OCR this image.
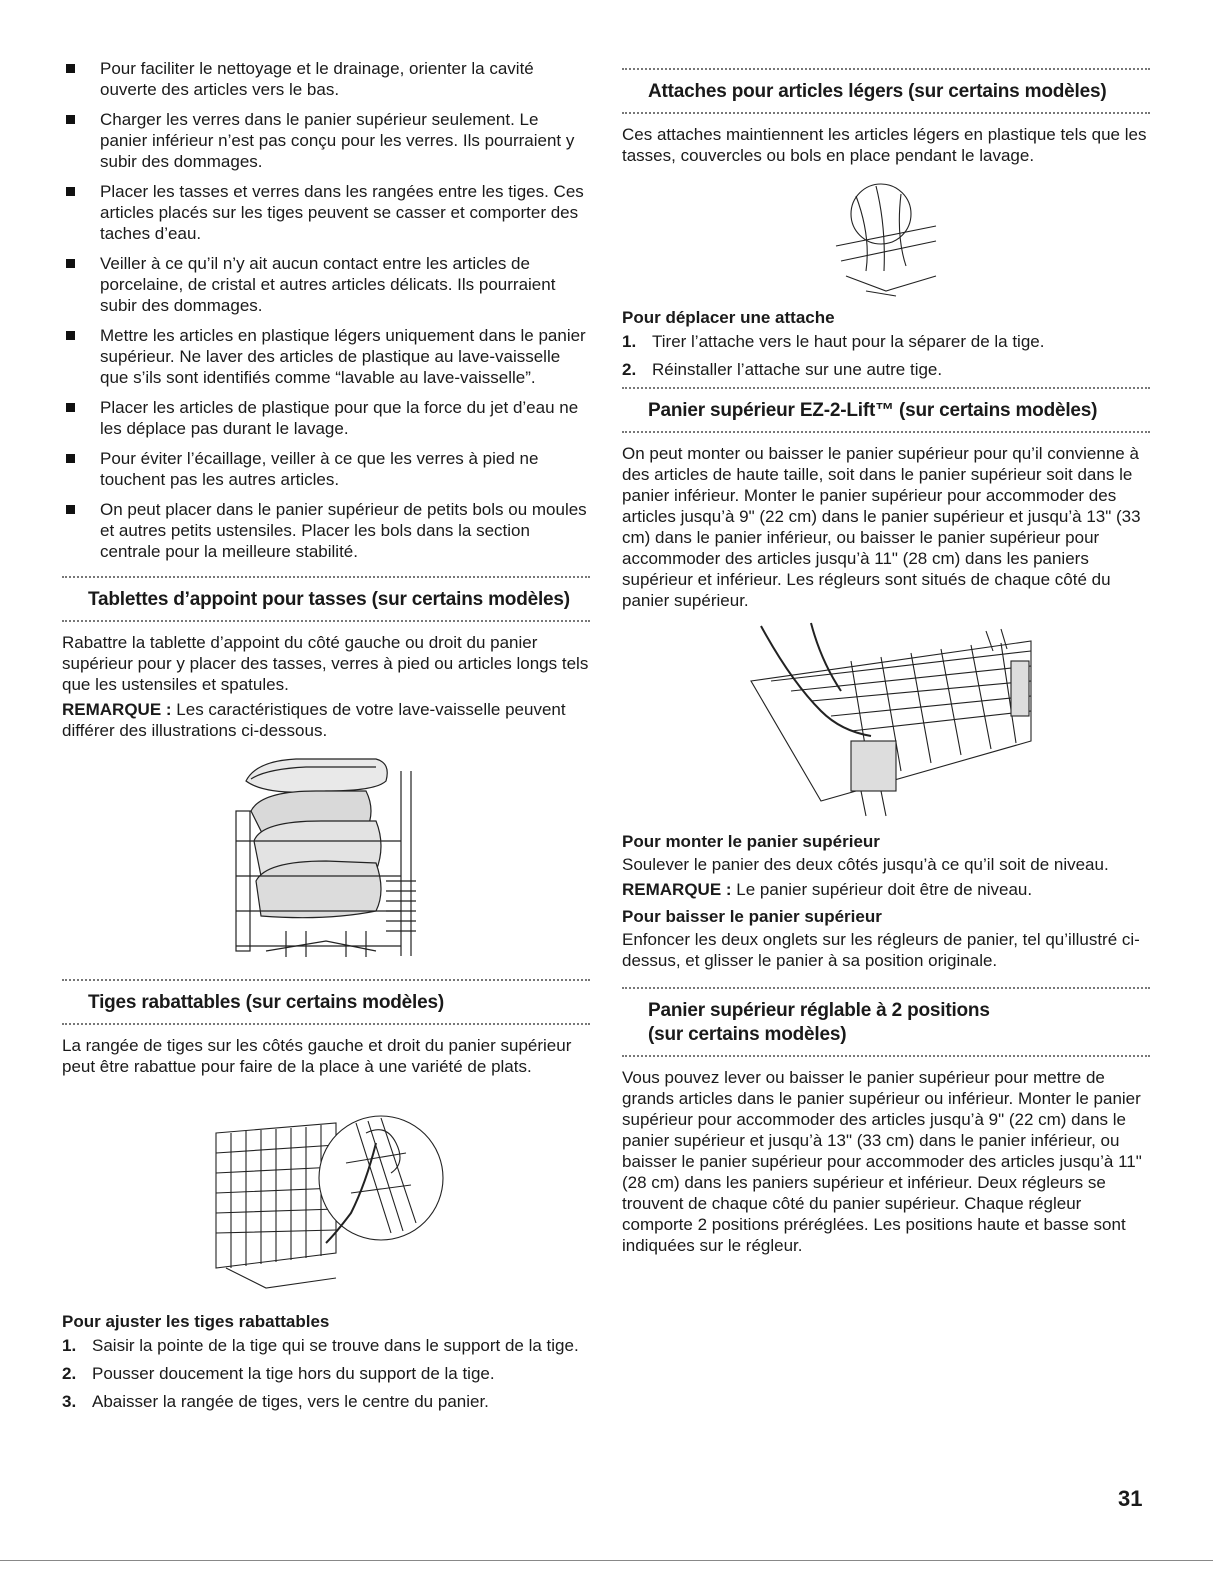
Pour faciliter le nettoyage et le drainage, orienter la cavité ouverte des articles vers le bas.
Charger les verres dans le panier supérieur seulement. Le panier inférieur n’est pas conçu pour les verres. Ils pourraient y subir des dommages.
Placer les tasses et verres dans les rangées entre les tiges. Ces articles placés sur les tiges peuvent se casser et comporter des taches d’eau.
Veiller à ce qu’il n’y ait aucun contact entre les articles de porcelaine, de cristal et autres articles délicats. Ils pourraient subir des dommages.
Mettre les articles en plastique légers uniquement dans le panier supérieur. Ne laver des articles de plastique au lave-vaisselle que s’ils sont identifiés comme “lavable au lave-vaisselle”.
Placer les articles de plastique pour que la force du jet d’eau ne les déplace pas durant le lavage.
Pour éviter l’écaillage, veiller à ce que les verres à pied ne touchent pas les autres articles.
On peut placer dans le panier supérieur de petits bols ou moules et autres petits ustensiles. Placer les bols dans la section centrale pour la meilleure stabilité.
Tablettes d’appoint pour tasses (sur certains modèles)

Rabattre la tablette d’appoint du côté gauche ou droit du panier supérieur pour y placer des tasses, verres à pied ou articles longs tels que les ustensiles et spatules.

REMARQUE : Les caractéristiques de votre lave-vaisselle peuvent différer des illustrations ci-dessous.

Tiges rabattables (sur certains modèles)

La rangée de tiges sur les côtés gauche et droit du panier supérieur peut être rabattue pour faire de la place à une variété de plats.

Pour ajuster les tiges rabattables

1. Saisir la pointe de la tige qui se trouve dans le support de la tige.
2. Pousser doucement la tige hors du support de la tige.
3. Abaisser la rangée de tiges, vers le centre du panier.
Attaches pour articles légers (sur certains modèles)

Ces attaches maintiennent les articles légers en plastique tels que les tasses, couvercles ou bols en place pendant le lavage.

Pour déplacer une attache

1. Tirer l’attache vers le haut pour la séparer de la tige.
2. Réinstaller l’attache sur une autre tige.
Panier supérieur EZ-2-Lift™ (sur certains modèles)

On peut monter ou baisser le panier supérieur pour qu’il convienne à des articles de haute taille, soit dans le panier supérieur soit dans le panier inférieur. Monter le panier supérieur pour accommoder des articles jusqu’à 9" (22 cm) dans le panier supérieur et jusqu’à 13" (33 cm) dans le panier inférieur, ou baisser le panier supérieur pour accommoder des articles jusqu’à 11" (28 cm) dans les paniers supérieur et inférieur. Les régleurs sont situés de chaque côté du panier supérieur.

Pour monter le panier supérieur

Soulever le panier des deux côtés jusqu’à ce qu’il soit de niveau.

REMARQUE : Le panier supérieur doit être de niveau.

Pour baisser le panier supérieur

Enfoncer les deux onglets sur les régleurs de panier, tel qu’illustré ci-dessus, et glisser le panier à sa position originale.

Panier supérieur réglable à 2 positions
(sur certains modèles)

Vous pouvez lever ou baisser le panier supérieur pour mettre de grands articles dans le panier supérieur ou inférieur. Monter le panier supérieur pour accommoder des articles jusqu’à 9" (22 cm) dans le panier supérieur et jusqu’à 13" (33 cm) dans le panier inférieur, ou baisser le panier supérieur pour accommoder des articles jusqu’à 11" (28 cm) dans les paniers supérieur et inférieur. Deux régleurs se trouvent de chaque côté du panier supérieur. Chaque régleur comporte 2 positions préréglées. Les positions haute et basse sont indiquées sur le régleur.

31
